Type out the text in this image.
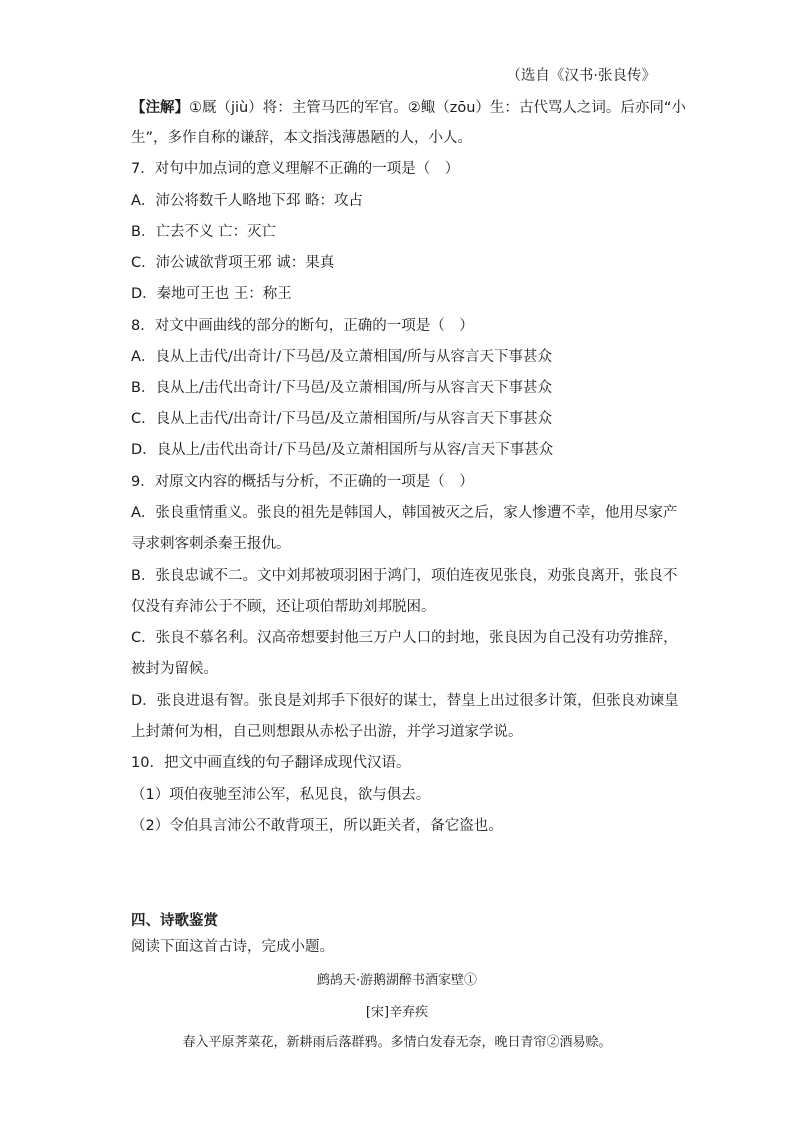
（选自《汉书·张良传》
【注解】①厩（jiù）将：主管马匹的军官。②鲰（zōu）生：古代骂人之词。后亦同“小
生”，多作自称的谦辞，本文指浅薄愚陋的人，小人。
7．对句中加点词的意义理解不正确的一项是（　）
A．沛公将数千人略地下邳 略：攻占
B．亡去不义 亡：灭亡
C．沛公诚欲背项王邪 诚：果真
D．秦地可王也 王：称王
8．对文中画曲线的部分的断句，正确的一项是（　）
A．良从上击代/出奇计/下马邑/及立萧相国/所与从容言天下事甚众
B．良从上/击代出奇计/下马邑/及立萧相国/所与从容言天下事甚众
C．良从上击代/出奇计/下马邑/及立萧相国所/与从容言天下事甚众
D．良从上/击代出奇计/下马邑/及立萧相国所与从容/言天下事甚众
9．对原文内容的概括与分析，不正确的一项是（　）
A．张良重情重义。张良的祖先是韩国人，韩国被灭之后，家人惨遭不幸，他用尽家产
寻求刺客刺杀秦王报仇。
B．张良忠诚不二。文中刘邦被项羽困于鸿门，项伯连夜见张良，劝张良离开，张良不
仅没有弃沛公于不顾，还让项伯帮助刘邦脱困。
C．张良不慕名利。汉高帝想要封他三万户人口的封地，张良因为自己没有功劳推辞，
被封为留候。
D．张良进退有智。张良是刘邦手下很好的谋士，替皇上出过很多计策，但张良劝谏皇
上封萧何为相，自己则想跟从赤松子出游，并学习道家学说。
10．把文中画直线的句子翻译成现代汉语。
（1）项伯夜驰至沛公军，私见良，欲与俱去。
（2）令伯具言沛公不敢背项王，所以距关者，备它盗也。
四、诗歌鉴赏
阅读下面这首古诗，完成小题。
鹧鸪天·游鹅湖醉书酒家壁①
[宋]辛弃疾
春入平原荠菜花，新耕雨后落群鸦。多情白发春无奈，晚日青帘②酒易赊。
